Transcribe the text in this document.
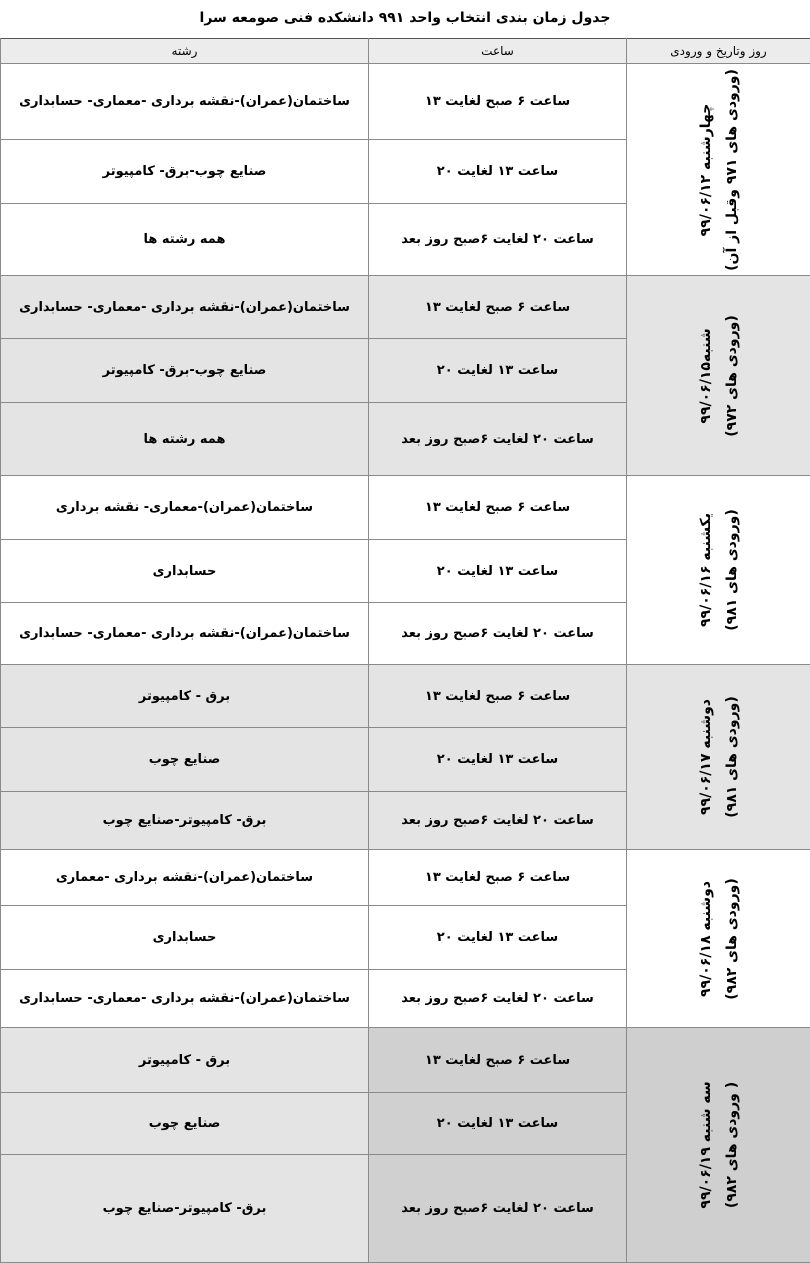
جدول زمان بندی انتخاب واحد ۹۹۱ دانشکده فنی صومعه سرا
روز وتاریخ و ورودی	ساعت	رشته

چهارشنبه ۹۹/۰۶/۱۲
(ورودی های ۹۷۱ وقبل از آن)	ساعت ۶ صبح لغایت ۱۳	ساختمان(عمران)-نقشه برداری -معماری- حسابداری
	ساعت ۱۳ لغایت ۲۰	صنایع چوب-برق- کامپیوتر
	ساعت ۲۰ لغایت ۶صبح روز بعد	همه رشته ها

شنبه۹۹/۰۶/۱۵
(ورودی های ۹۷۲)	ساعت ۶ صبح لغایت ۱۳	ساختمان(عمران)-نقشه برداری -معماری- حسابداری
	ساعت ۱۳ لغایت ۲۰	صنایع چوب-برق- کامپیوتر
	ساعت ۲۰ لغایت ۶صبح روز بعد	همه رشته ها

یکشنبه ۹۹/۰۶/۱۶
(ورودی های ۹۸۱)	ساعت ۶ صبح لغایت ۱۳	ساختمان(عمران)-معماری- نقشه برداری
	ساعت ۱۳ لغایت ۲۰	حسابداری
	ساعت ۲۰ لغایت ۶صبح روز بعد	ساختمان(عمران)-نقشه برداری -معماری- حسابداری

دوشنبه ۹۹/۰۶/۱۷
(ورودی های ۹۸۱)	ساعت ۶ صبح لغایت ۱۳	برق - کامپیوتر
	ساعت ۱۳ لغایت ۲۰	صنایع چوب
	ساعت ۲۰ لغایت ۶صبح روز بعد	برق- کامپیوتر-صنایع چوب

دوشنبه ۹۹/۰۶/۱۸
(ورودی های ۹۸۲)	ساعت ۶ صبح لغایت ۱۳	ساختمان(عمران)-نقشه برداری -معماری
	ساعت ۱۳ لغایت ۲۰	حسابداری
	ساعت ۲۰ لغایت ۶صبح روز بعد	ساختمان(عمران)-نقشه برداری -معماری- حسابداری

سه شنبه ۹۹/۰۶/۱۹
( ورودی های ۹۸۲)	ساعت ۶ صبح لغایت ۱۳	برق - کامپیوتر
	ساعت ۱۳ لغایت ۲۰	صنایع چوب
	ساعت ۲۰ لغایت ۶صبح روز بعد	برق- کامپیوتر-صنایع چوب
